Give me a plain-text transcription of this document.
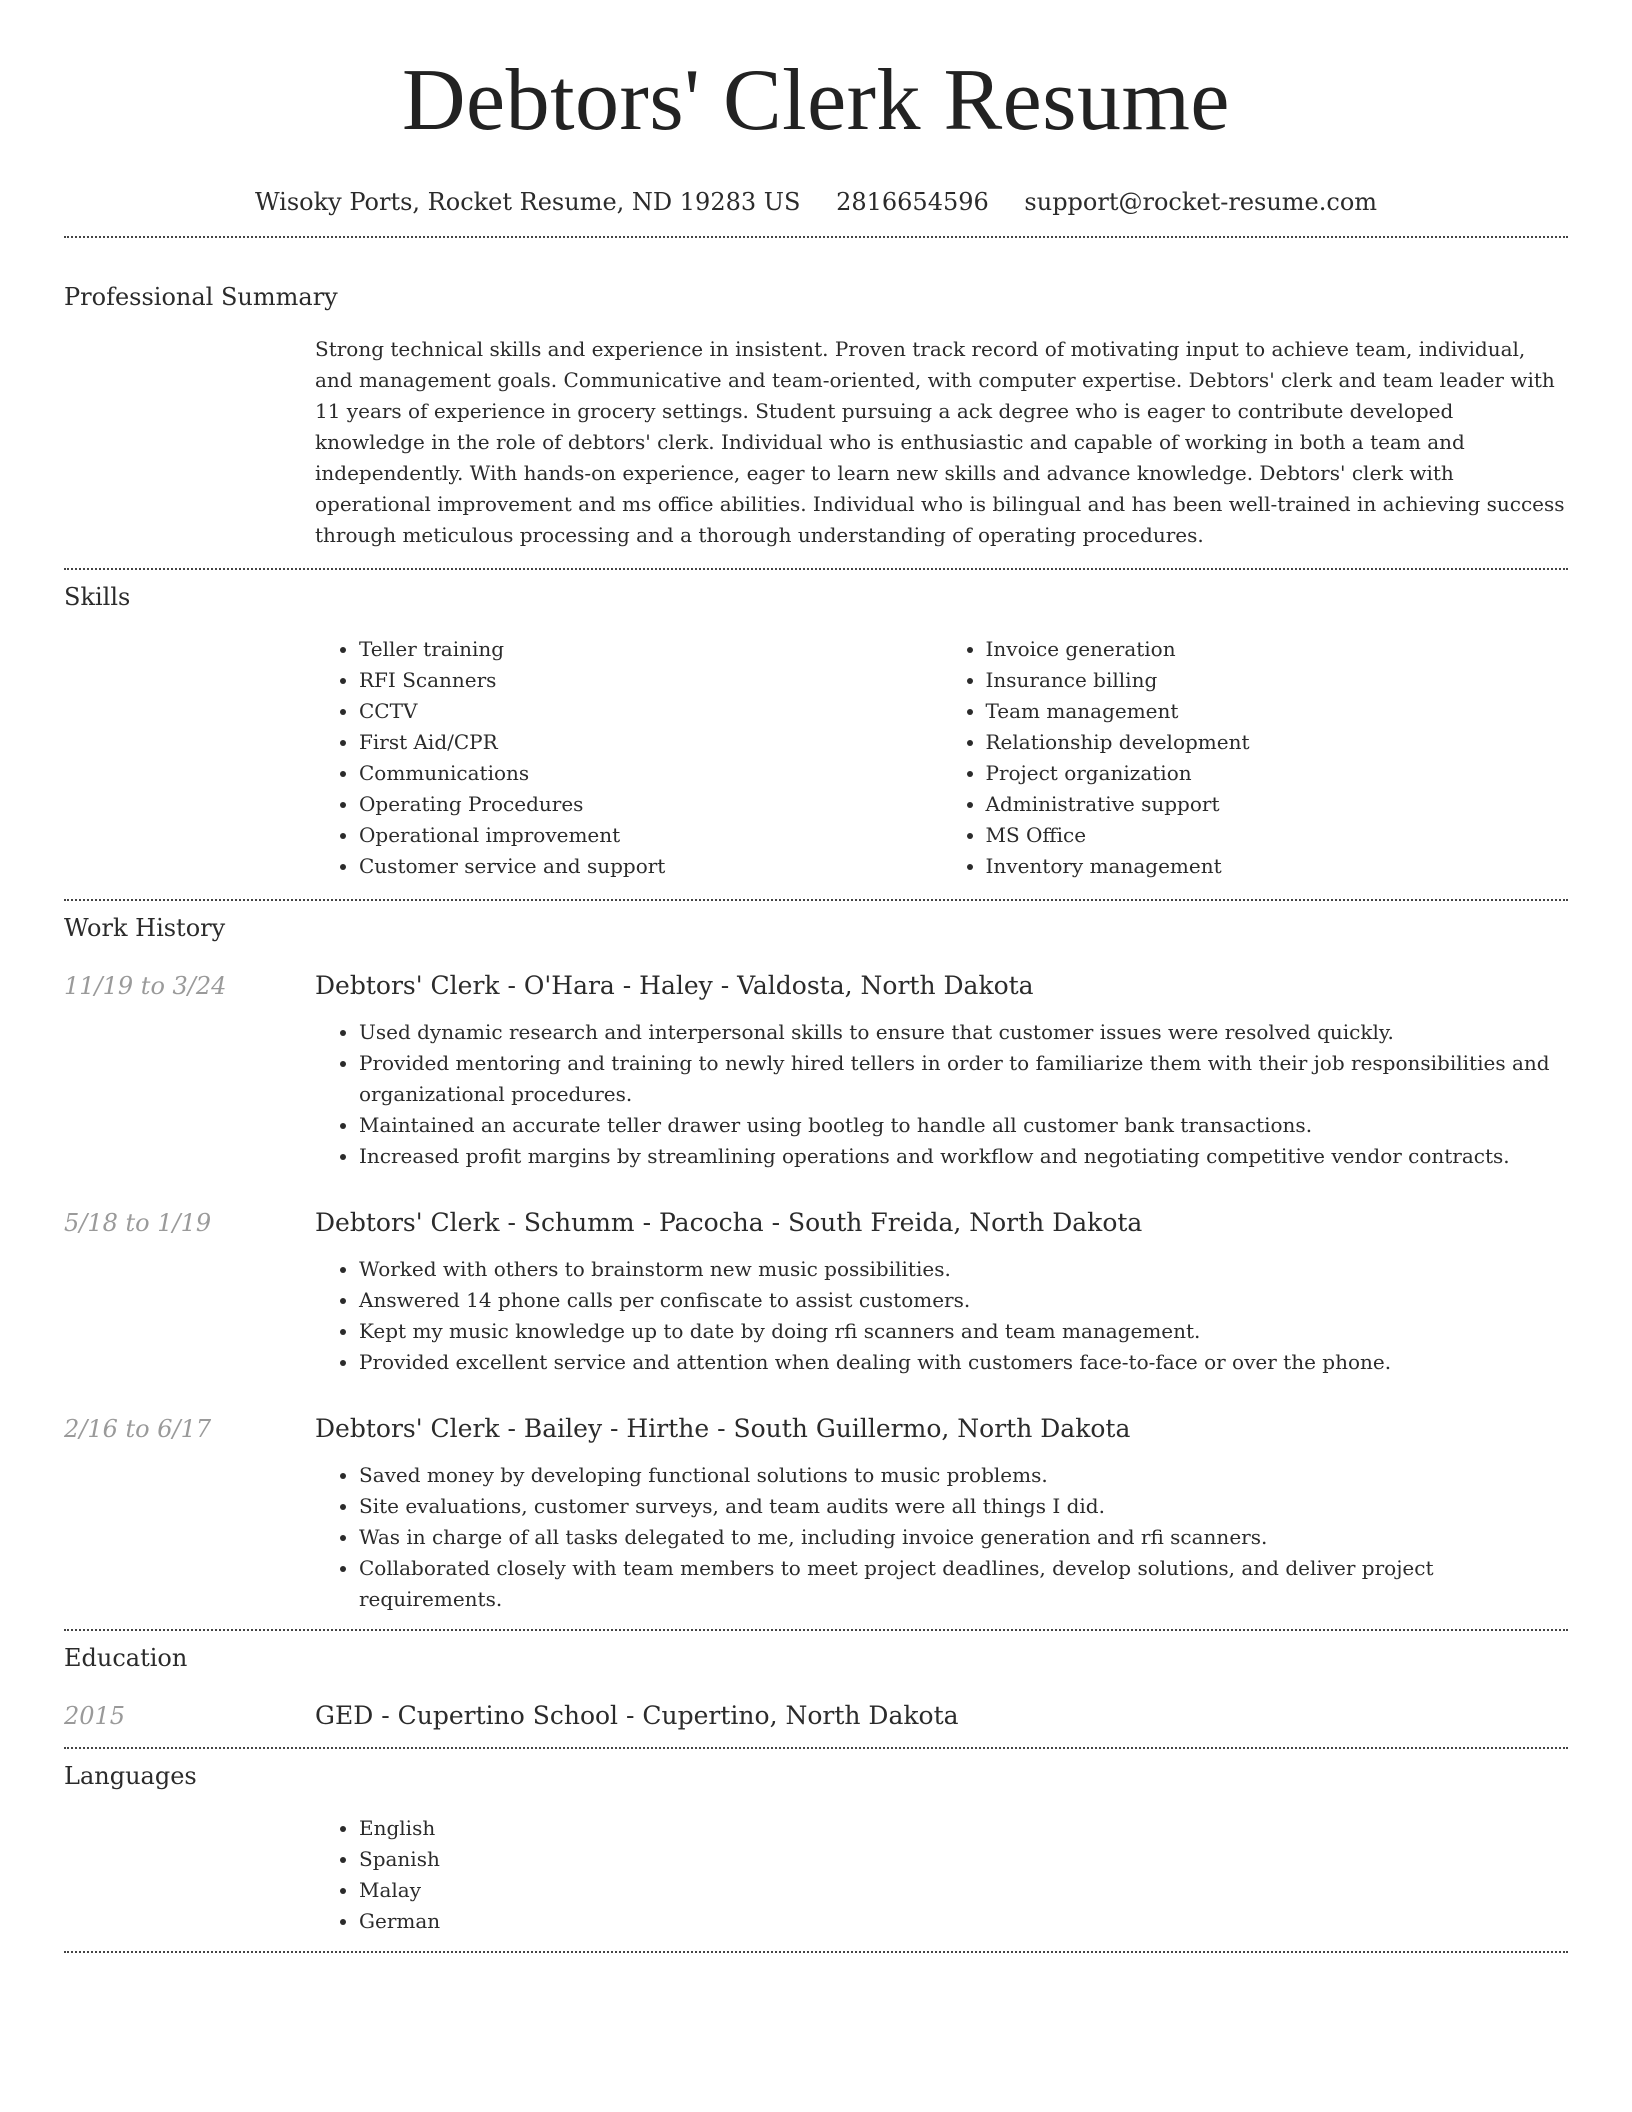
Debtors' Clerk Resume
Wisoky Ports, Rocket Resume, ND 19283 US 2816654596 support@rocket-resume.com
Professional Summary

Strong technical skills and experience in insistent. Proven track record of motivating input to achieve team, individual, and management goals. Communicative and team-oriented, with computer expertise. Debtors' clerk and team leader with 11 years of experience in grocery settings. Student pursuing a ack degree who is eager to contribute developed knowledge in the role of debtors' clerk. Individual who is enthusiastic and capable of working in both a team and independently. With hands-on experience, eager to learn new skills and advance knowledge. Debtors' clerk with operational improvement and ms office abilities. Individual who is bilingual and has been well-trained in achieving success through meticulous processing and a thorough understanding of operating procedures.

Skills
• Teller training
• RFI Scanners
• CCTV
• First Aid/CPR
• Communications
• Operating Procedures
• Operational improvement
• Customer service and support
• Invoice generation
• Insurance billing
• Team management
• Relationship development
• Project organization
• Administrative support
• MS Office
• Inventory management
Work History
11/19 to 3/24	Debtors' Clerk - O'Hara - Haley - Valdosta, North Dakota
• Used dynamic research and interpersonal skills to ensure that customer issues were resolved quickly.
• Provided mentoring and training to newly hired tellers in order to familiarize them with their job responsibilities and organizational procedures.
• Maintained an accurate teller drawer using bootleg to handle all customer bank transactions.
• Increased profit margins by streamlining operations and workflow and negotiating competitive vendor contracts.
5/18 to 1/19	Debtors' Clerk - Schumm - Pacocha - South Freida, North Dakota
• Worked with others to brainstorm new music possibilities.
• Answered 14 phone calls per confiscate to assist customers.
• Kept my music knowledge up to date by doing rfi scanners and team management.
• Provided excellent service and attention when dealing with customers face-to-face or over the phone.
2/16 to 6/17	Debtors' Clerk - Bailey - Hirthe - South Guillermo, North Dakota
• Saved money by developing functional solutions to music problems.
• Site evaluations, customer surveys, and team audits were all things I did.
• Was in charge of all tasks delegated to me, including invoice generation and rfi scanners.
• Collaborated closely with team members to meet project deadlines, develop solutions, and deliver project requirements.
Education
2015	GED - Cupertino School - Cupertino, North Dakota
Languages
• English
• Spanish
• Malay
• German
